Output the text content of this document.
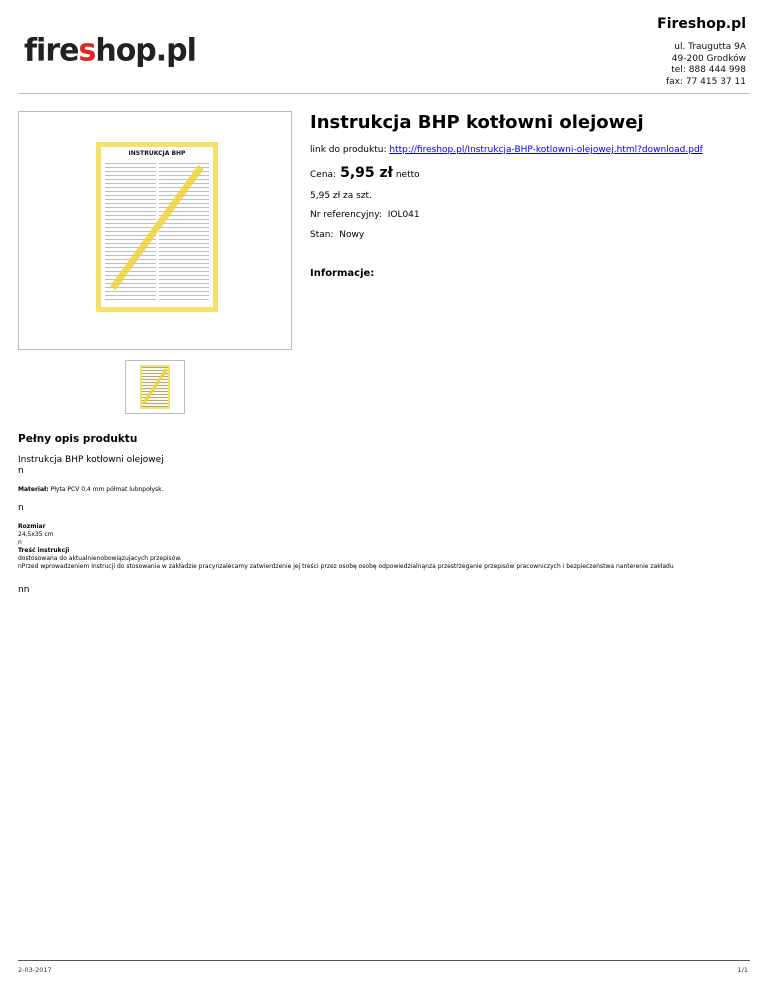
fireshop.pl
Fireshop.pl
ul. Traugutta 9A
49-200 Grodków
tel: 888 444 998
fax: 77 415 37 11
INSTRUKCJA BHP
Instrukcja BHP kotłowni olejowej
link do produktu: http://fireshop.pl/Instrukcja-BHP-kotlowni-olejowej.html?download.pdf
Cena: 5,95 zł netto
5,95 zł za szt.
Nr referencyjny: IOL041
Stan: Nowy
Informacje:
Pełny opis produktu
Instrukcja BHP kotłowni olejowej
n
Materiał: Płyta PCV 0,4 mm półmat lubnpołysk.
n
Rozmiar
24,5x35 cm
n
Treść instrukcji
dostosowana do aktualnienobowiązujacych przepisów.
nPrzed wprowadzeniem instrucji do stosowania w zakładzie pracynzalecamy zatwierdzenie jej treści przez osobę osobę odpowiedzialnąnza przestrzeganie przepisów pracowniczych i bezpieczeństwa nanterenie zakładu
nn
2-03-2017	1/1
